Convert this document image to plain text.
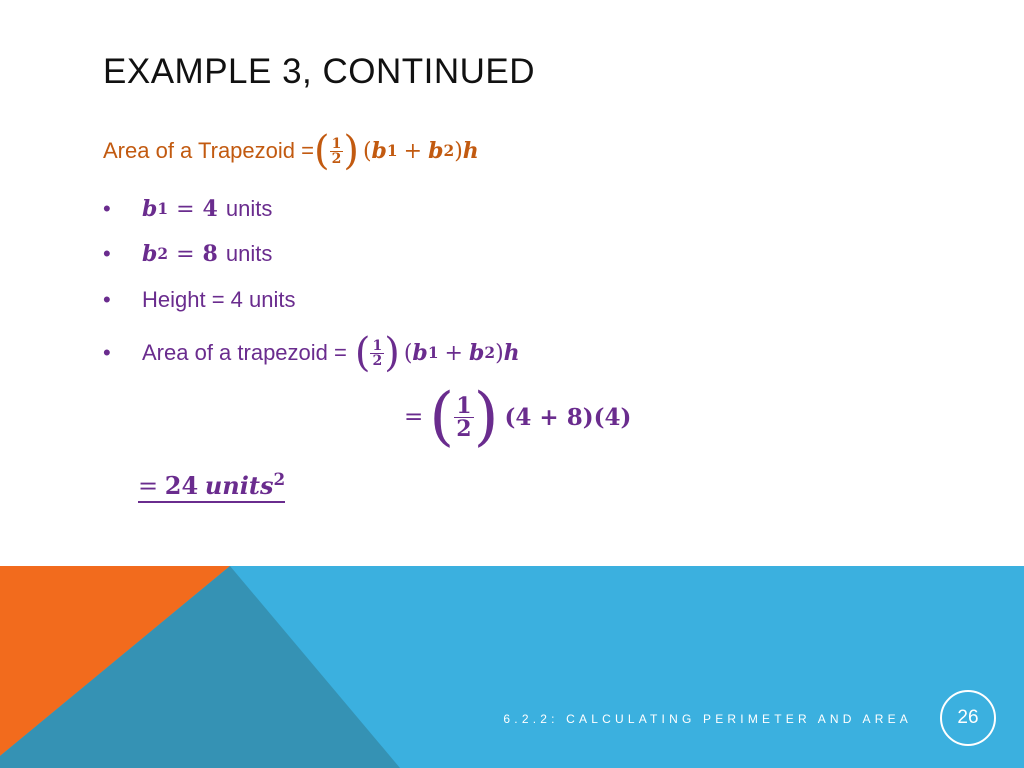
EXAMPLE 3, CONTINUED
Area of a Trapezoid = ( $\frac{1}{2}$ ) ( b 1 + b 2 ) h
•	b 1 = 4 units
•	b 2 = 8 units
•	Height = 4 units
•	Area of a trapezoid = ( $\frac{1}{2}$ ) ( b 1 + b 2 ) h
= ( $\frac{1}{2}$ ) (4 + 8)(4)
= 24 units$^2$
6.2.2: CALCULATING PERIMETER AND AREA 26
